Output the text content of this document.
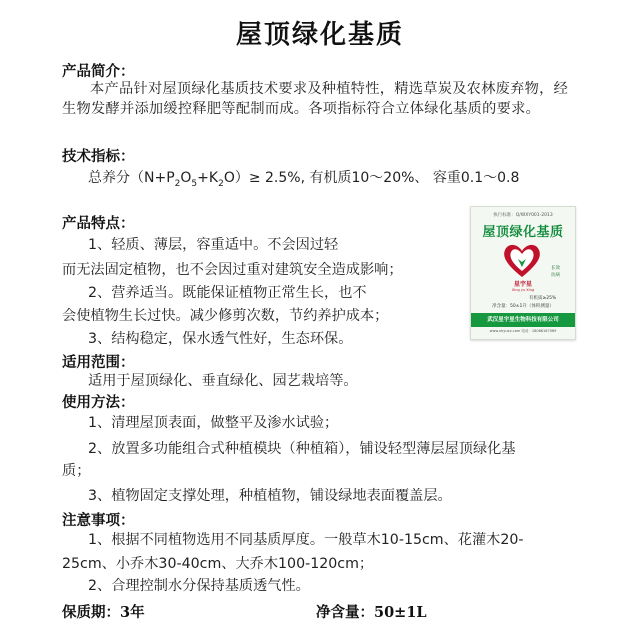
屋顶绿化基质
产品简介：
本产品针对屋顶绿化基质技术要求及种植特性，精选草炭及农林废弃物，经生物发酵并添加缓控释肥等配制而成。各项指标符合立体绿化基质的要求。
技术指标：
总养分$(N+P_2O_5+K_2O)\ge 2.5\%$, 有机质10～20%、 容重0.1～0.8
产品特点：
1、轻质、薄层，容重适中。不会因过轻
而无法固定植物，也不会因过重对建筑安全造成影响；
2、营养适当。既能保证植物正常生长，也不
会使植物生长过快。减少修剪次数，节约养护成本；
3、结构稳定，保水透气性好，生态环保。
适用范围：
适用于屋顶绿化、垂直绿化、园艺栽培等。
使用方法：
1、清理屋顶表面，做整平及渗水试验；
2、放置多功能组合式种植模块（种植箱），铺设轻型薄层屋顶绿化基
质；
3、植物固定支撑处理，种植植物，铺设绿地表面覆盖层。
注意事项：
1、根据不同植物选用不同基质厚度。一般草木10-15cm、花灌木20-
25cm、小乔木30-40cm、大乔木100-120cm；
2、合理控制水分保持基质透气性。
保质期：3年	净含量：50±1L
执行标准：Q/WXY001-2013
屋顶绿化基质
星宇星
Xing yu Xing
长效
抗病
有机质≥25%
净含量：50±1升（体积测量）
武汉星宇星生物科技有限公司
www.xhyuxx.com 电话：18086187069
